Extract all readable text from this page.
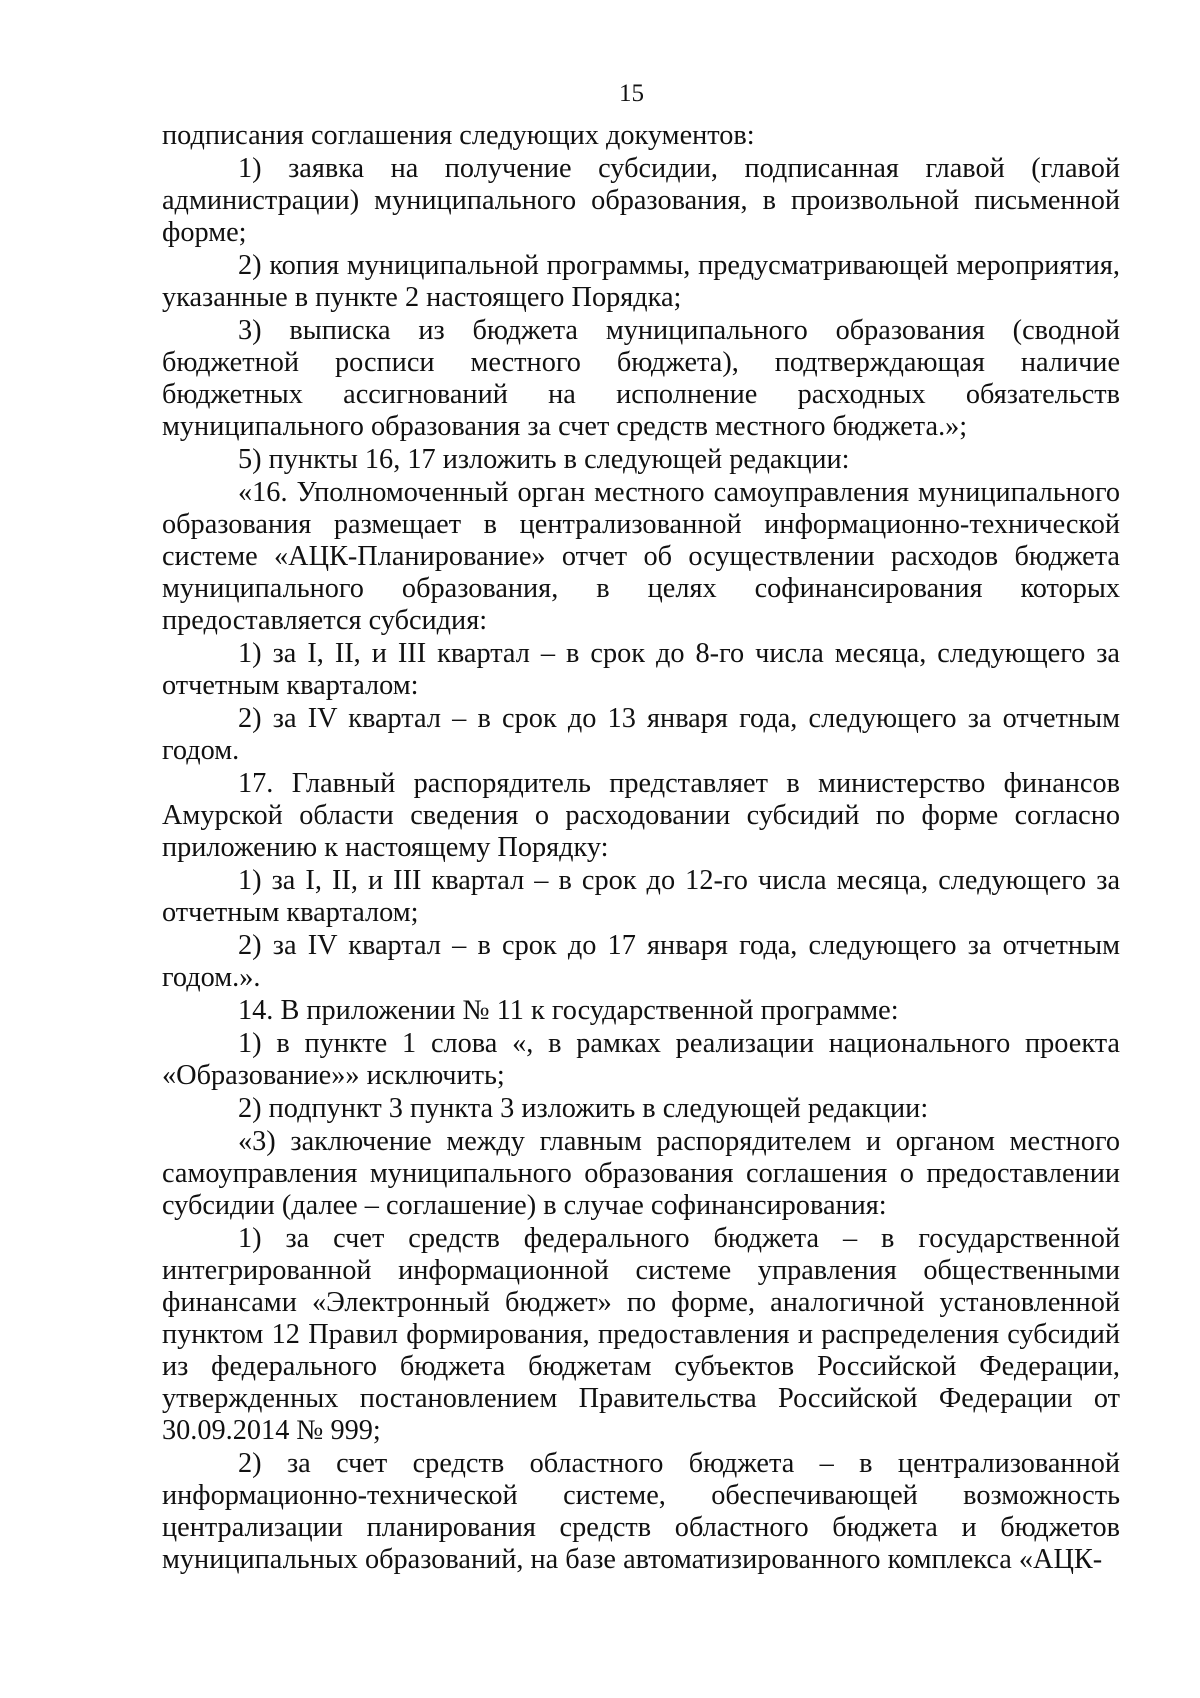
15

подписания соглашения следующих документов:

1) заявка на получение субсидии, подписанная главой (главой администрации) муниципального образования, в произвольной письменной форме;

2) копия муниципальной программы, предусматривающей мероприятия, указанные в пункте 2 настоящего Порядка;

3) выписка из бюджета муниципального образования (сводной бюджетной росписи местного бюджета), подтверждающая наличие бюджетных ассигнований на исполнение расходных обязательств муниципального образования за счет средств местного бюджета.»;

5) пункты 16, 17 изложить в следующей редакции:

«16. Уполномоченный орган местного самоуправления муниципального образования размещает в централизованной информационно-технической системе «АЦК-Планирование» отчет об осуществлении расходов бюджета муниципального образования, в целях софинансирования которых предоставляется субсидия:

1) за I, II, и III квартал – в срок до 8-го числа месяца, следующего за отчетным кварталом:

2) за IV квартал – в срок до 13 января года, следующего за отчетным годом.

17. Главный распорядитель представляет в министерство финансов Амурской области сведения о расходовании субсидий по форме согласно приложению к настоящему Порядку:

1) за I, II, и III квартал – в срок до 12-го числа месяца, следующего за отчетным кварталом;

2) за IV квартал – в срок до 17 января года, следующего за отчетным годом.».

14. В приложении № 11 к государственной программе:

1) в пункте 1 слова «, в рамках реализации национального проекта «Образование»» исключить;

2) подпункт 3 пункта 3 изложить в следующей редакции:

«3) заключение между главным распорядителем и органом местного самоуправления муниципального образования соглашения о предоставлении субсидии (далее – соглашение) в случае софинансирования:

1) за счет средств федерального бюджета – в государственной интегрированной информационной системе управления общественными финансами «Электронный бюджет» по форме, аналогичной установленной пунктом 12 Правил формирования, предоставления и распределения субсидий из федерального бюджета бюджетам субъектов Российской Федерации, утвержденных постановлением Правительства Российской Федерации от 30.09.2014 № 999;

2) за счет средств областного бюджета – в централизованной информационно-технической системе, обеспечивающей возможность централизации планирования средств областного бюджета и бюджетов муниципальных образований, на базе автоматизированного комплекса «АЦК-
